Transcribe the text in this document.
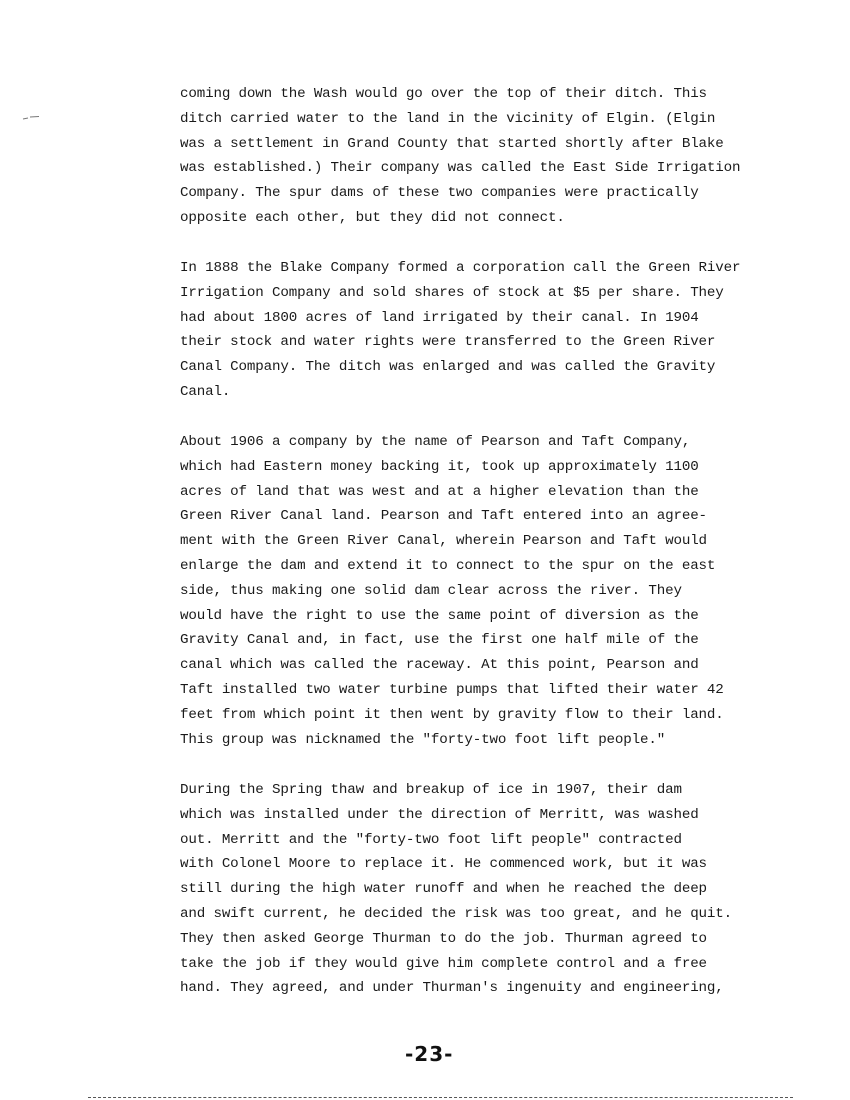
coming down the Wash would go over the top of their ditch. This
ditch carried water to the land in the vicinity of Elgin. (Elgin
was a settlement in Grand County that started shortly after Blake
was established.) Their company was called the East Side Irrigation
Company. The spur dams of these two companies were practically
opposite each other, but they did not connect.
In 1888 the Blake Company formed a corporation call the Green River
Irrigation Company and sold shares of stock at $5 per share. They
had about 1800 acres of land irrigated by their canal. In 1904
their stock and water rights were transferred to the Green River
Canal Company. The ditch was enlarged and was called the Gravity
Canal.
About 1906 a company by the name of Pearson and Taft Company,
which had Eastern money backing it, took up approximately 1100
acres of land that was west and at a higher elevation than the
Green River Canal land. Pearson and Taft entered into an agree-
ment with the Green River Canal, wherein Pearson and Taft would
enlarge the dam and extend it to connect to the spur on the east
side, thus making one solid dam clear across the river. They
would have the right to use the same point of diversion as the
Gravity Canal and, in fact, use the first one half mile of the
canal which was called the raceway. At this point, Pearson and
Taft installed two water turbine pumps that lifted their water 42
feet from which point it then went by gravity flow to their land.
This group was nicknamed the "forty-two foot lift people."
During the Spring thaw and breakup of ice in 1907, their dam
which was installed under the direction of Merritt, was washed
out. Merritt and the "forty-two foot lift people" contracted
with Colonel Moore to replace it. He commenced work, but it was
still during the high water runoff and when he reached the deep
and swift current, he decided the risk was too great, and he quit.
They then asked George Thurman to do the job. Thurman agreed to
take the job if they would give him complete control and a free
hand. They agreed, and under Thurman's ingenuity and engineering,
-23-
